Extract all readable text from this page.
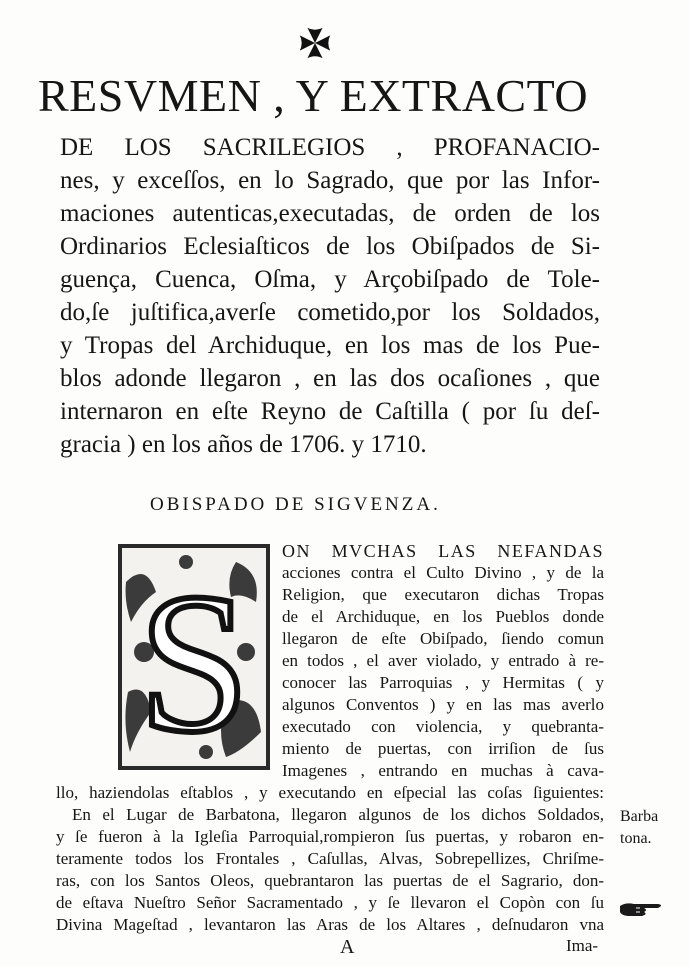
RESVMEN , Y EXTRACTO
DE LOS SACRILEGIOS , PROFANACIO-
nes, y exceſſos, en lo Sagrado, que por las Infor-
maciones autenticas,executadas, de orden de los
Ordinarios Eclesiaſticos de los Obiſpados de Si-
guença, Cuenca, Oſma, y Arçobiſpado de Tole-
do,ſe juſtifica,averſe cometido,por los Soldados,
y Tropas del Archiduque, en los mas de los Pue-
blos adonde llegaron , en las dos ocaſiones , que
internaron en eſte Reyno de Caſtilla ( por ſu deſ-
gracia ) en los años de 1706. y 1710.
OBISPADO DE SIGVENZA.
S
ON MVCHAS LAS NEFANDAS
acciones contra el Culto Divino , y de la
Religion, que executaron dichas Tropas
de el Archiduque, en los Pueblos donde
llegaron de eſte Obiſpado, ſiendo comun
en todos , el aver violado, y entrado à re-
conocer las Parroquias , y Hermitas ( y
algunos Conventos ) y en las mas averlo
executado con violencia, y quebranta-
miento de puertas, con irriſion de ſus
Imagenes , entrando en muchas à cava-
llo, haziendolas eſtablos , y executando en eſpecial las coſas ſiguientes:
En el Lugar de Barbatona, llegaron algunos de los dichos Soldados,
y ſe fueron à la Igleſia Parroquial,rompieron ſus puertas, y robaron en-
teramente todos los Frontales , Caſullas, Alvas, Sobrepellizes, Chriſme-
ras, con los Santos Oleos, quebrantaron las puertas de el Sagrario, don-
de eſtava Nueſtro Señor Sacramentado , y ſe llevaron el Copòn con ſu
Divina Mageſtad , levantaron las Aras de los Altares , deſnudaron vna
Barba
tona.
A	Ima-
